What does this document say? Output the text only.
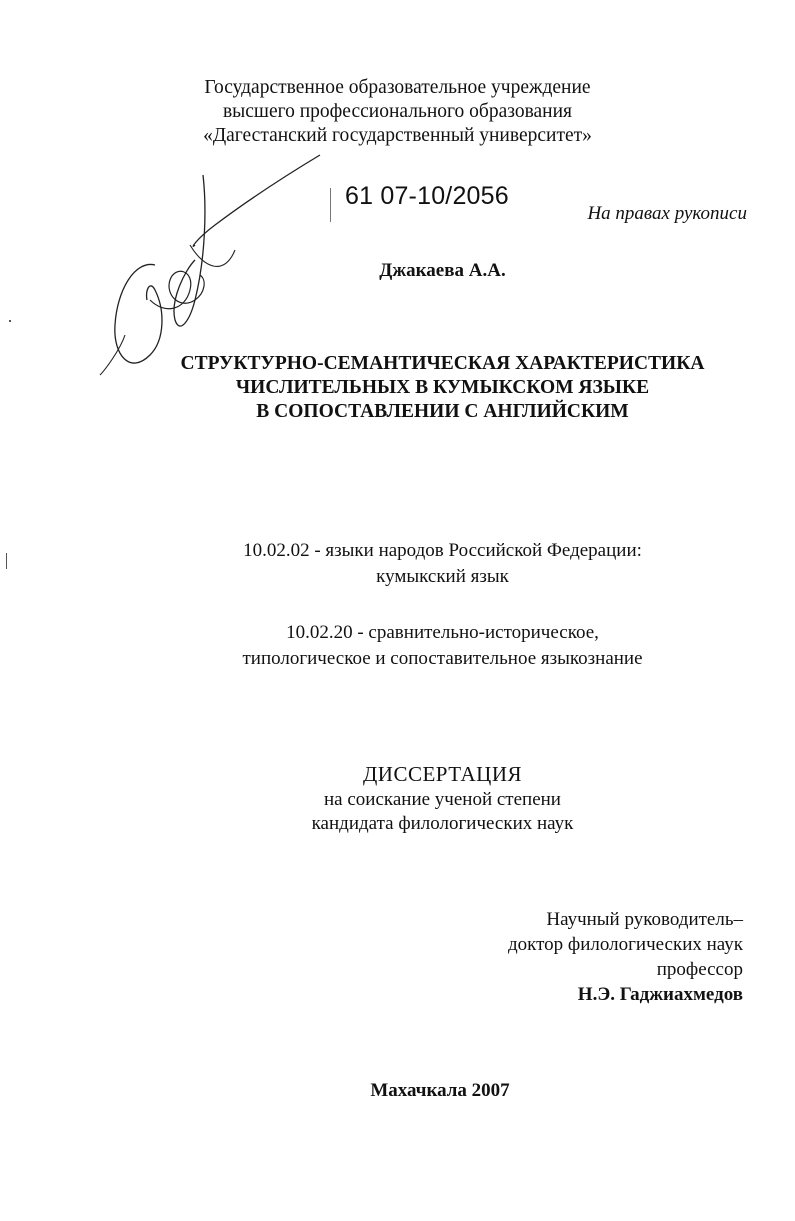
Государственное образовательное учреждение
высшего профессионального образования
«Дагестанский государственный университет»
61 07-10/2056
На правах рукописи
Джакаева А.А.
СТРУКТУРНО-СЕМАНТИЧЕСКАЯ ХАРАКТЕРИСТИКА
ЧИСЛИТЕЛЬНЫХ В КУМЫКСКОМ ЯЗЫКЕ
В СОПОСТАВЛЕНИИ С АНГЛИЙСКИМ
10.02.02 - языки народов Российской Федерации:
кумыкский язык
10.02.20 - сравнительно-историческое,
типологическое и сопоставительное языкознание
ДИССЕРТАЦИЯ
на соискание ученой степени
кандидата филологических наук
Научный руководитель–
доктор филологических наук
профессор
Н.Э. Гаджиахмедов
Махачкала 2007
